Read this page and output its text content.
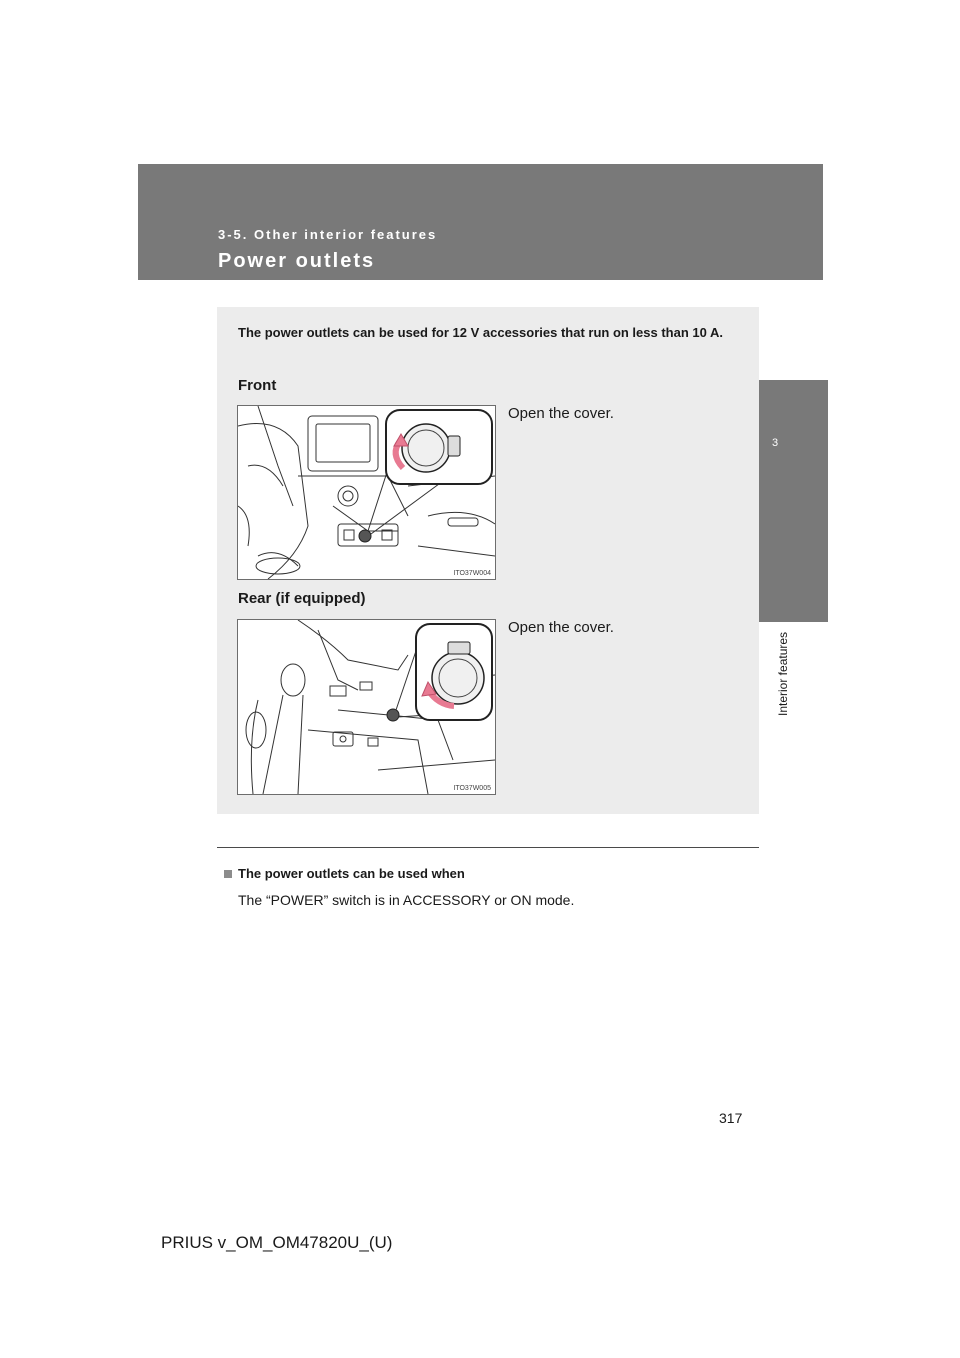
3-5. Other interior features
Power outlets
3
Interior features
The power outlets can be used for 12 V accessories that run on less than 10 A.
Front
ITO37W004
Open the cover.
Rear (if equipped)
ITO37W005
Open the cover.
The power outlets can be used when
The “POWER” switch is in ACCESSORY or ON mode.
317
PRIUS v_OM_OM47820U_(U)
